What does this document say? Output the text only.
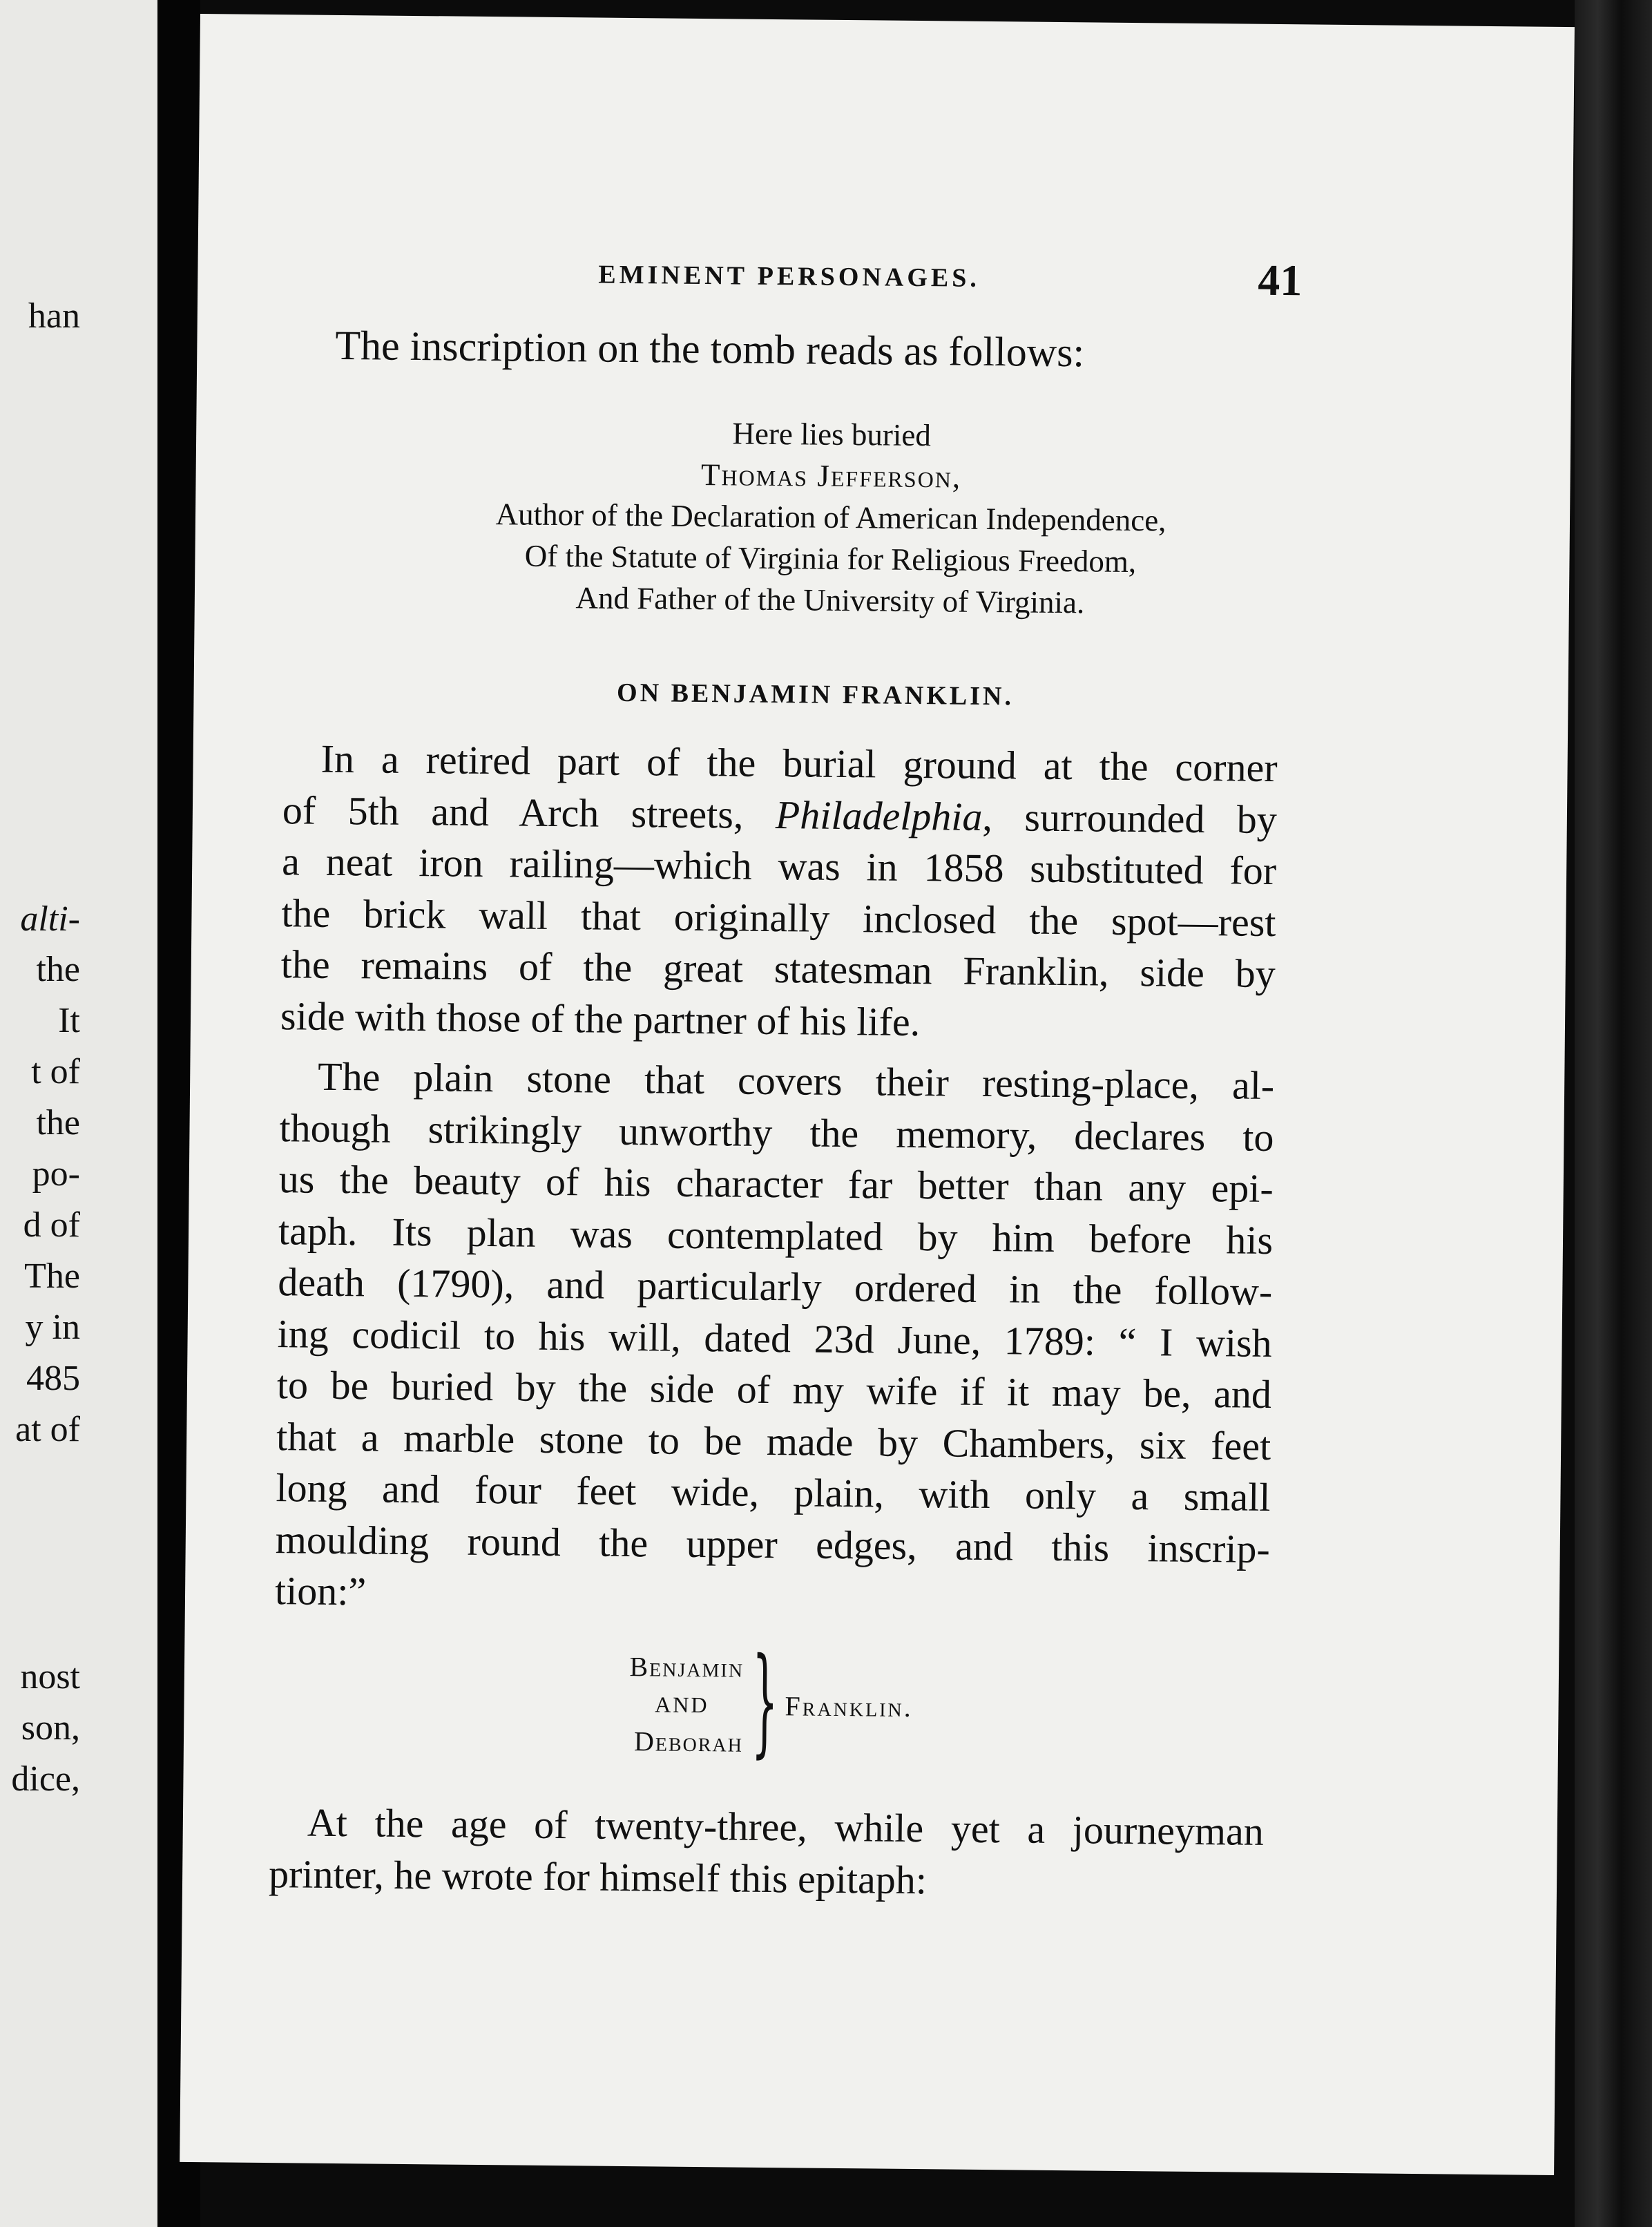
han
alti-
the
It
t of
the
po-
d of
The
y in
485
at of
nost
son,
dice,
EMINENT PERSONAGES.	41
The inscription on the tomb reads as follows:
Here lies buried
Thomas Jefferson,
Author of the Declaration of American Independence,
Of the Statute of Virginia for Religious Freedom,
And Father of the University of Virginia.
ON BENJAMIN FRANKLIN.
In a retired part of the burial ground at the corner
of 5th and Arch streets, Philadelphia, surrounded by
a neat iron railing—which was in 1858 substituted for
the brick wall that originally inclosed the spot—rest
the remains of the great statesman Franklin, side by
side with those of the partner of his life.
The plain stone that covers their resting-place, al-
though strikingly unworthy the memory, declares to
us the beauty of his character far better than any epi-
taph. Its plan was contemplated by him before his
death (1790), and particularly ordered in the follow-
ing codicil to his will, dated 23d June, 1789: “ I wish
to be buried by the side of my wife if it may be, and
that a marble stone to be made by Chambers, six feet
long and four feet wide, plain, with only a small
moulding round the upper edges, and this inscrip-
tion:”
Benjamin
AND
Deborah } Franklin.
At the age of twenty-three, while yet a journeyman
printer, he wrote for himself this epitaph:
